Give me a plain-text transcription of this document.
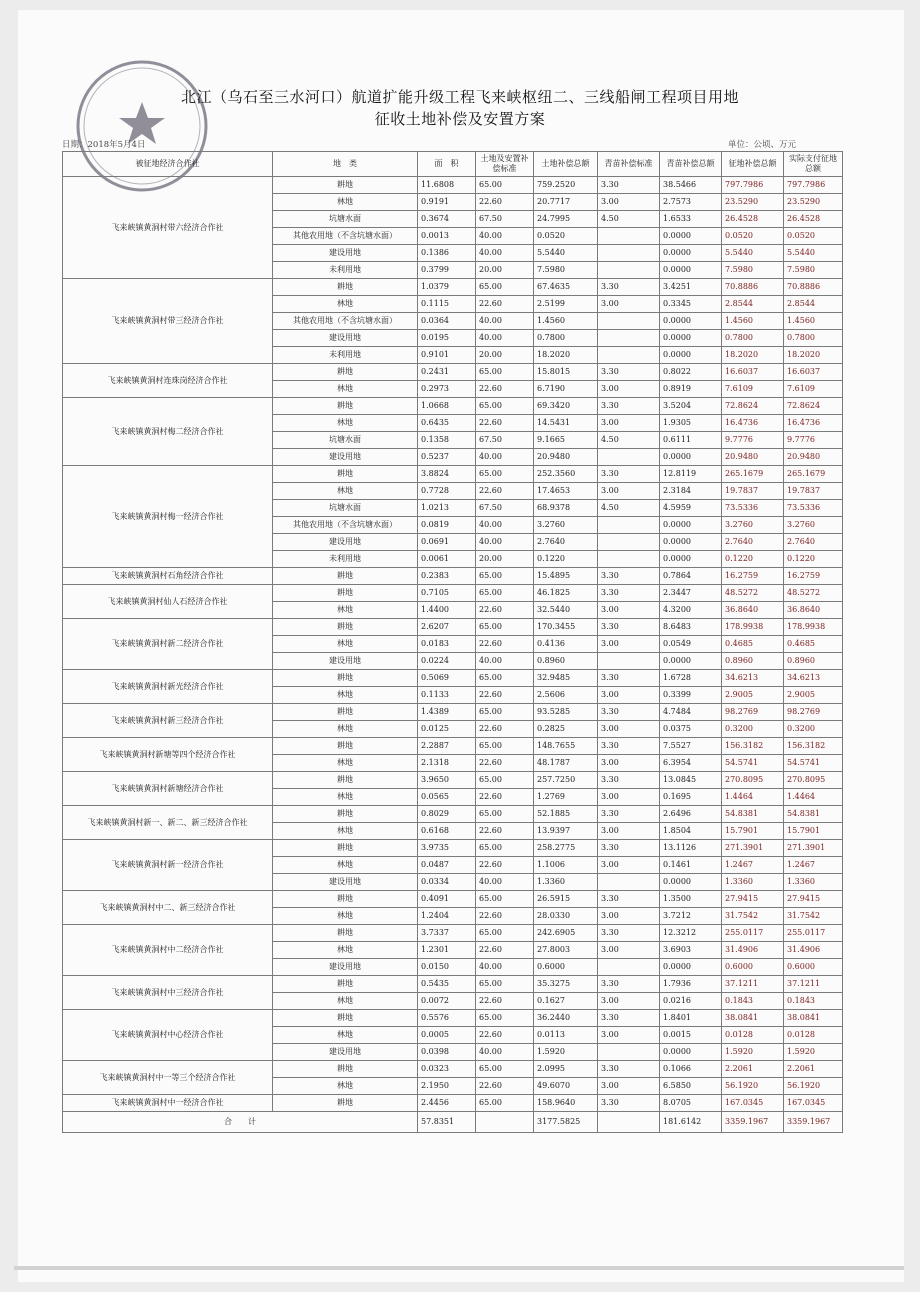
北江（乌石至三水河口）航道扩能升级工程飞来峡枢纽二、三线船闸工程项目用地
征收土地补偿及安置方案
日期：2018年5月4日	单位：公顷、万元
被征地经济合作社	地　类	面　积	土地及安置补偿标准	土地补偿总额	青苗补偿标准	青苗补偿总额	征地补偿总额	实际支付征地总额
飞来峡镇黄洞村带六经济合作社	耕地	11.6808	65.00	759.2520	3.30	38.5466	797.7986	797.7986
	林地	0.9191	22.60	20.7717	3.00	2.7573	23.5290	23.5290
	坑塘水面	0.3674	67.50	24.7995	4.50	1.6533	26.4528	26.4528
	其他农用地（不含坑塘水面）	0.0013	40.00	0.0520		0.0000	0.0520	0.0520
	建设用地	0.1386	40.00	5.5440		0.0000	5.5440	5.5440
	未利用地	0.3799	20.00	7.5980		0.0000	7.5980	7.5980
飞来峡镇黄洞村带三经济合作社	耕地	1.0379	65.00	67.4635	3.30	3.4251	70.8886	70.8886
	林地	0.1115	22.60	2.5199	3.00	0.3345	2.8544	2.8544
	其他农用地（不含坑塘水面）	0.0364	40.00	1.4560		0.0000	1.4560	1.4560
	建设用地	0.0195	40.00	0.7800		0.0000	0.7800	0.7800
	未利用地	0.9101	20.00	18.2020		0.0000	18.2020	18.2020
飞来峡镇黄洞村连珠岗经济合作社	耕地	0.2431	65.00	15.8015	3.30	0.8022	16.6037	16.6037
	林地	0.2973	22.60	6.7190	3.00	0.8919	7.6109	7.6109
飞来峡镇黄洞村梅二经济合作社	耕地	1.0668	65.00	69.3420	3.30	3.5204	72.8624	72.8624
	林地	0.6435	22.60	14.5431	3.00	1.9305	16.4736	16.4736
	坑塘水面	0.1358	67.50	9.1665	4.50	0.6111	9.7776	9.7776
	建设用地	0.5237	40.00	20.9480		0.0000	20.9480	20.9480
飞来峡镇黄洞村梅一经济合作社	耕地	3.8824	65.00	252.3560	3.30	12.8119	265.1679	265.1679
	林地	0.7728	22.60	17.4653	3.00	2.3184	19.7837	19.7837
	坑塘水面	1.0213	67.50	68.9378	4.50	4.5959	73.5336	73.5336
	其他农用地（不含坑塘水面）	0.0819	40.00	3.2760		0.0000	3.2760	3.2760
	建设用地	0.0691	40.00	2.7640		0.0000	2.7640	2.7640
	未利用地	0.0061	20.00	0.1220		0.0000	0.1220	0.1220
飞来峡镇黄洞村石角经济合作社	耕地	0.2383	65.00	15.4895	3.30	0.7864	16.2759	16.2759
飞来峡镇黄洞村仙人石经济合作社	耕地	0.7105	65.00	46.1825	3.30	2.3447	48.5272	48.5272
	林地	1.4400	22.60	32.5440	3.00	4.3200	36.8640	36.8640
飞来峡镇黄洞村新二经济合作社	耕地	2.6207	65.00	170.3455	3.30	8.6483	178.9938	178.9938
	林地	0.0183	22.60	0.4136	3.00	0.0549	0.4685	0.4685
	建设用地	0.0224	40.00	0.8960		0.0000	0.8960	0.8960
飞来峡镇黄洞村新光经济合作社	耕地	0.5069	65.00	32.9485	3.30	1.6728	34.6213	34.6213
	林地	0.1133	22.60	2.5606	3.00	0.3399	2.9005	2.9005
飞来峡镇黄洞村新三经济合作社	耕地	1.4389	65.00	93.5285	3.30	4.7484	98.2769	98.2769
	林地	0.0125	22.60	0.2825	3.00	0.0375	0.3200	0.3200
飞来峡镇黄洞村新塘等四个经济合作社	耕地	2.2887	65.00	148.7655	3.30	7.5527	156.3182	156.3182
	林地	2.1318	22.60	48.1787	3.00	6.3954	54.5741	54.5741
飞来峡镇黄洞村新塘经济合作社	耕地	3.9650	65.00	257.7250	3.30	13.0845	270.8095	270.8095
	林地	0.0565	22.60	1.2769	3.00	0.1695	1.4464	1.4464
飞来峡镇黄洞村新一、新二、新三经济合作社	耕地	0.8029	65.00	52.1885	3.30	2.6496	54.8381	54.8381
	林地	0.6168	22.60	13.9397	3.00	1.8504	15.7901	15.7901
飞来峡镇黄洞村新一经济合作社	耕地	3.9735	65.00	258.2775	3.30	13.1126	271.3901	271.3901
	林地	0.0487	22.60	1.1006	3.00	0.1461	1.2467	1.2467
	建设用地	0.0334	40.00	1.3360		0.0000	1.3360	1.3360
飞来峡镇黄洞村中二、新三经济合作社	耕地	0.4091	65.00	26.5915	3.30	1.3500	27.9415	27.9415
	林地	1.2404	22.60	28.0330	3.00	3.7212	31.7542	31.7542
飞来峡镇黄洞村中二经济合作社	耕地	3.7337	65.00	242.6905	3.30	12.3212	255.0117	255.0117
	林地	1.2301	22.60	27.8003	3.00	3.6903	31.4906	31.4906
	建设用地	0.0150	40.00	0.6000		0.0000	0.6000	0.6000
飞来峡镇黄洞村中三经济合作社	耕地	0.5435	65.00	35.3275	3.30	1.7936	37.1211	37.1211
	林地	0.0072	22.60	0.1627	3.00	0.0216	0.1843	0.1843
飞来峡镇黄洞村中心经济合作社	耕地	0.5576	65.00	36.2440	3.30	1.8401	38.0841	38.0841
	林地	0.0005	22.60	0.0113	3.00	0.0015	0.0128	0.0128
	建设用地	0.0398	40.00	1.5920		0.0000	1.5920	1.5920
飞来峡镇黄洞村中一等三个经济合作社	耕地	0.0323	65.00	2.0995	3.30	0.1066	2.2061	2.2061
	林地	2.1950	22.60	49.6070	3.00	6.5850	56.1920	56.1920
飞来峡镇黄洞村中一经济合作社	耕地	2.4456	65.00	158.9640	3.30	8.0705	167.0345	167.0345
合　　计		57.8351		3177.5825		181.6142	3359.1967	3359.1967
